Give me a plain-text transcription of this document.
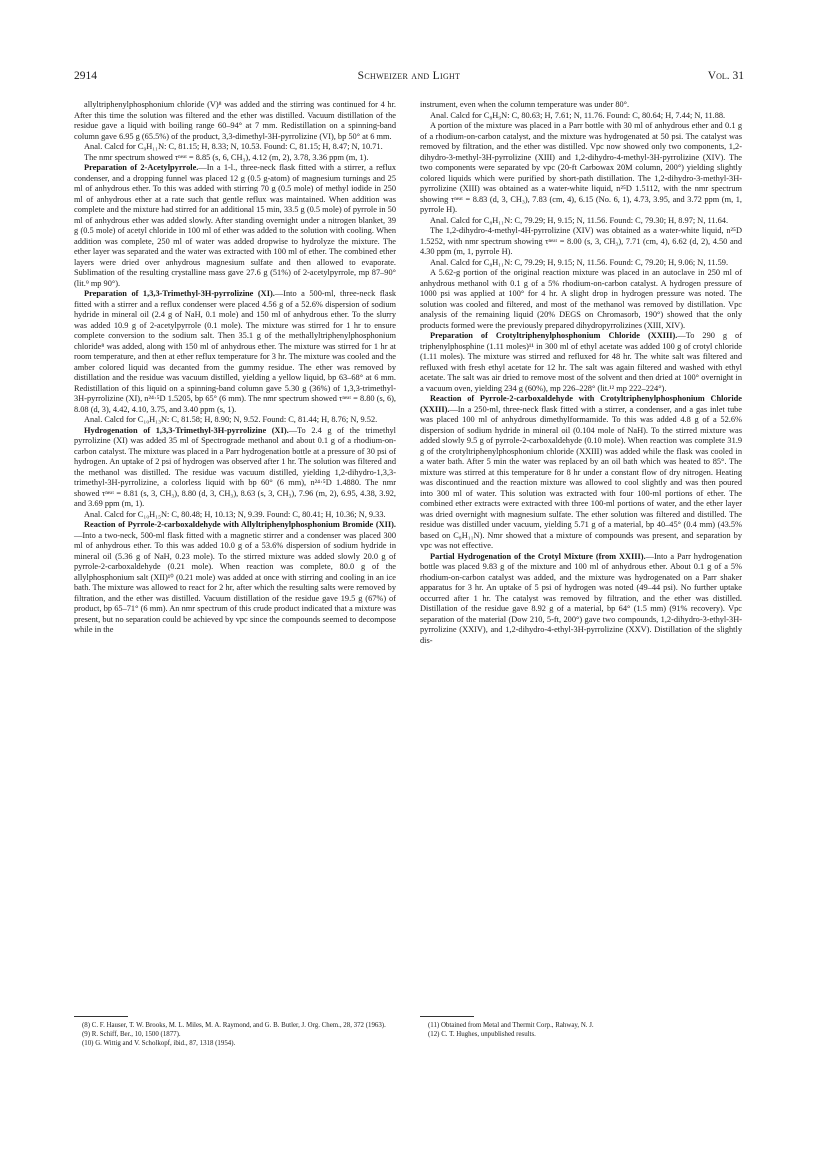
2914	Schweizer and Light	Vol. 31

allyltriphenylphosphonium chloride (V)⁸ was added and the stirring was continued for 4 hr. After this time the solution was filtered and the ether was distilled. Vacuum distillation of the residue gave a liquid with boiling range 60–94° at 7 mm. Redistillation on a spinning-band column gave 6.95 g (65.5%) of the product, 3,3-dimethyl-3H-pyrrolizine (VI), bp 50° at 6 mm.

Anal. Calcd for C₉H₁₁N: C, 81.15; H, 8.33; N, 10.53. Found: C, 81.15; H, 8.47; N, 10.71.

The nmr spectrum showed τⁿᵉᵃᵗ = 8.85 (s, 6, CH₃), 4.12 (m, 2), 3.78, 3.36 ppm (m, 1).

Preparation of 2-Acetylpyrrole.—In a 1-l., three-neck flask fitted with a stirrer, a reflux condenser, and a dropping funnel was placed 12 g (0.5 g-atom) of magnesium turnings and 25 ml of anhydrous ether. To this was added with stirring 70 g (0.5 mole) of methyl iodide in 250 ml of anhydrous ether at a rate such that gentle reflux was maintained. When addition was complete and the mixture had stirred for an additional 15 min, 33.5 g (0.5 mole) of pyrrole in 50 ml of anhydrous ether was added slowly. After standing overnight under a nitrogen blanket, 39 g (0.5 mole) of acetyl chloride in 100 ml of ether was added to the solution with cooling. When addition was complete, 250 ml of water was added dropwise to hydrolyze the mixture. The ether layer was separated and the water was extracted with 100 ml of ether. The combined ether layers were dried over anhydrous magnesium sulfate and then allowed to evaporate. Sublimation of the resulting crystalline mass gave 27.6 g (51%) of 2-acetylpyrrole, mp 87–90° (lit.⁹ mp 90°).

Preparation of 1,3,3-Trimethyl-3H-pyrrolizine (XI).—Into a 500-ml, three-neck flask fitted with a stirrer and a reflux condenser were placed 4.56 g of a 52.6% dispersion of sodium hydride in mineral oil (2.4 g of NaH, 0.1 mole) and 150 ml of anhydrous ether. To the slurry was added 10.9 g of 2-acetylpyrrole (0.1 mole). The mixture was stirred for 1 hr to ensure complete conversion to the sodium salt. Then 35.1 g of the methallyltriphenylphosphonium chloride⁸ was added, along with 150 ml of anhydrous ether. The mixture was stirred for 1 hr at room temperature, and then at ether reflux temperature for 3 hr. The mixture was cooled and the amber colored liquid was decanted from the gummy residue. The ether was removed by distillation and the residue was vacuum distilled, yielding a yellow liquid, bp 63–68° at 6 mm. Redistillation of this liquid on a spinning-band column gave 5.30 g (36%) of 1,3,3-trimethyl-3H-pyrrolizine (XI), n²⁴·⁵D 1.5205, bp 65° (6 mm). The nmr spectrum showed τⁿᵉᵃᵗ = 8.80 (s, 6), 8.08 (d, 3), 4.42, 4.10, 3.75, and 3.40 ppm (s, 1).

Anal. Calcd for C₁₀H₁₃N: C, 81.58; H, 8.90; N, 9.52. Found: C, 81.44; H, 8.76; N, 9.52.

Hydrogenation of 1,3,3-Trimethyl-3H-pyrrolizine (XI).—To 2.4 g of the trimethyl pyrrolizine (XI) was added 35 ml of Spectrograde methanol and about 0.1 g of a rhodium-on-carbon catalyst. The mixture was placed in a Parr hydrogenation bottle at a pressure of 30 psi of hydrogen. An uptake of 2 psi of hydrogen was observed after 1 hr. The solution was filtered and the methanol was distilled. The residue was vacuum distilled, yielding 1,2-dihydro-1,3,3-trimethyl-3H-pyrrolizine, a colorless liquid with bp 60° (6 mm), n²⁴·⁵D 1.4880. The nmr showed τⁿᵉᵃᵗ = 8.81 (s, 3, CH₃), 8.80 (d, 3, CH₃), 8.63 (s, 3, CH₃), 7.96 (m, 2), 6.95, 4.38, 3.92, and 3.69 ppm (m, 1).

Anal. Calcd for C₁₀H₁₅N: C, 80.48; H, 10.13; N, 9.39. Found: C, 80.41; H, 10.36; N, 9.33.

Reaction of Pyrrole-2-carboxaldehyde with Allyltriphenylphosphonium Bromide (XII).—Into a two-neck, 500-ml flask fitted with a magnetic stirrer and a condenser was placed 300 ml of anhydrous ether. To this was added 10.0 g of a 53.6% dispersion of sodium hydride in mineral oil (5.36 g of NaH, 0.23 mole). To the stirred mixture was added slowly 20.0 g of pyrrole-2-carboxaldehyde (0.21 mole). When reaction was complete, 80.0 g of the allylphosphonium salt (XII)¹⁰ (0.21 mole) was added at once with stirring and cooling in an ice bath. The mixture was allowed to react for 2 hr, after which the resulting salts were removed by filtration, and the ether was distilled. Vacuum distillation of the residue gave 19.5 g (67%) of product, bp 65–71° (6 mm). An nmr spectrum of this crude product indicated that a mixture was present, but no separation could be achieved by vpc since the compounds seemed to decompose while in the

instrument, even when the column temperature was under 80°.

Anal. Calcd for C₈H₉N: C, 80.63; H, 7.61; N, 11.76. Found: C, 80.64; H, 7.44; N, 11.88.

A portion of the mixture was placed in a Parr bottle with 30 ml of anhydrous ether and 0.1 g of a rhodium-on-carbon catalyst, and the mixture was hydrogenated at 50 psi. The catalyst was removed by filtration, and the ether was distilled. Vpc now showed only two components, 1,2-dihydro-3-methyl-3H-pyrrolizine (XIII) and 1,2-dihydro-4-methyl-3H-pyrrolizine (XIV). The two components were separated by vpc (20-ft Carbowax 20M column, 200°) yielding slightly colored liquids which were purified by short-path distillation. The 1,2-dihydro-3-methyl-3H-pyrrolizine (XIII) was obtained as a water-white liquid, n²⁵D 1.5112, with the nmr spectrum showing τⁿᵉᵃᵗ = 8.83 (d, 3, CH₃), 7.83 (cm, 4), 6.15 (No. 6, 1), 4.73, 3.95, and 3.72 ppm (m, 1, pyrrole H).

Anal. Calcd for C₈H₁₁N: C, 79.29; H, 9.15; N, 11.56. Found: C, 79.30; H, 8.97; N, 11.64.

The 1,2-dihydro-4-methyl-4H-pyrrolizine (XIV) was obtained as a water-white liquid, n²⁵D 1.5252, with nmr spectrum showing τⁿᵉᵃᵗ = 8.00 (s, 3, CH₃), 7.71 (cm, 4), 6.62 (d, 2), 4.50 and 4.30 ppm (m, 1, pyrrole H).

Anal. Calcd for C₈H₁₁N: C, 79.29; H, 9.15; N, 11.56. Found: C, 79.20; H, 9.06; N, 11.59.

A 5.62-g portion of the original reaction mixture was placed in an autoclave in 250 ml of anhydrous methanol with 0.1 g of a 5% rhodium-on-carbon catalyst. A hydrogen pressure of 1000 psi was applied at 100° for 4 hr. A slight drop in hydrogen pressure was noted. The solution was cooled and filtered, and most of the methanol was removed by distillation. Vpc analysis of the remaining liquid (20% DEGS on Chromasorb, 190°) showed that the only products formed were the previously prepared dihydropyrrolizines (XIII, XIV).

Preparation of Crotyltriphenylphosphonium Chloride (XXIII).—To 290 g of triphenylphosphine (1.11 moles)¹¹ in 300 ml of ethyl acetate was added 100 g of crotyl chloride (1.11 moles). The mixture was stirred and refluxed for 48 hr. The white salt was filtered and refluxed with fresh ethyl acetate for 12 hr. The salt was again filtered and washed with ethyl acetate. The salt was air dried to remove most of the solvent and then dried at 100° overnight in a vacuum oven, yielding 234 g (60%), mp 226–228° (lit.¹² mp 222–224°).

Reaction of Pyrrole-2-carboxaldehyde with Crotyltriphenylphosphonium Chloride (XXIII).—In a 250-ml, three-neck flask fitted with a stirrer, a condenser, and a gas inlet tube was placed 100 ml of anhydrous dimethylformamide. To this was added 4.8 g of a 52.6% dispersion of sodium hydride in mineral oil (0.104 mole of NaH). To the stirred mixture was added slowly 9.5 g of pyrrole-2-carboxaldehyde (0.10 mole). When reaction was complete 31.9 g of the crotyltriphenylphosphonium chloride (XXIII) was added while the flask was cooled in a water bath. After 5 min the water was replaced by an oil bath which was heated to 85°. The mixture was stirred at this temperature for 8 hr under a constant flow of dry nitrogen. Heating was discontinued and the reaction mixture was allowed to cool slightly and was then poured into 300 ml of water. This solution was extracted with four 100-ml portions of ether. The combined ether extracts were extracted with three 100-ml portions of water, and the ether layer was dried overnight with magnesium sulfate. The ether solution was filtered and distilled. The residue was distilled under vacuum, yielding 5.71 g of a material, bp 40–45° (0.4 mm) (43.5% based on C₈H₁₁N). Nmr showed that a mixture of compounds was present, and separation by vpc was not effective.

Partial Hydrogenation of the Crotyl Mixture (from XXIII).—Into a Parr hydrogenation bottle was placed 9.83 g of the mixture and 100 ml of anhydrous ether. About 0.1 g of a 5% rhodium-on-carbon catalyst was added, and the mixture was hydrogenated on a Parr shaker apparatus for 3 hr. An uptake of 5 psi of hydrogen was noted (49–44 psi). No further uptake occurred after 1 hr. The catalyst was removed by filtration, and the ether was distilled. Distillation of the residue gave 8.92 g of a material, bp 64° (1.5 mm) (91% recovery). Vpc separation of the material (Dow 210, 5-ft, 200°) gave two compounds, 1,2-dihydro-3-ethyl-3H-pyrrolizine (XXIV), and 1,2-dihydro-4-ethyl-3H-pyrrolizine (XXV). Distillation of the slightly dis-

(8) C. F. Hauser, T. W. Brooks, M. L. Miles, M. A. Raymond, and G. B. Butler, J. Org. Chem., 28, 372 (1963).

(9) R. Schiff, Ber., 10, 1500 (1877).

(10) G. Wittig and V. Scholkopf, ibid., 87, 1318 (1954).

(11) Obtained from Metal and Thermit Corp., Rahway, N. J.

(12) C. T. Hughes, unpublished results.
